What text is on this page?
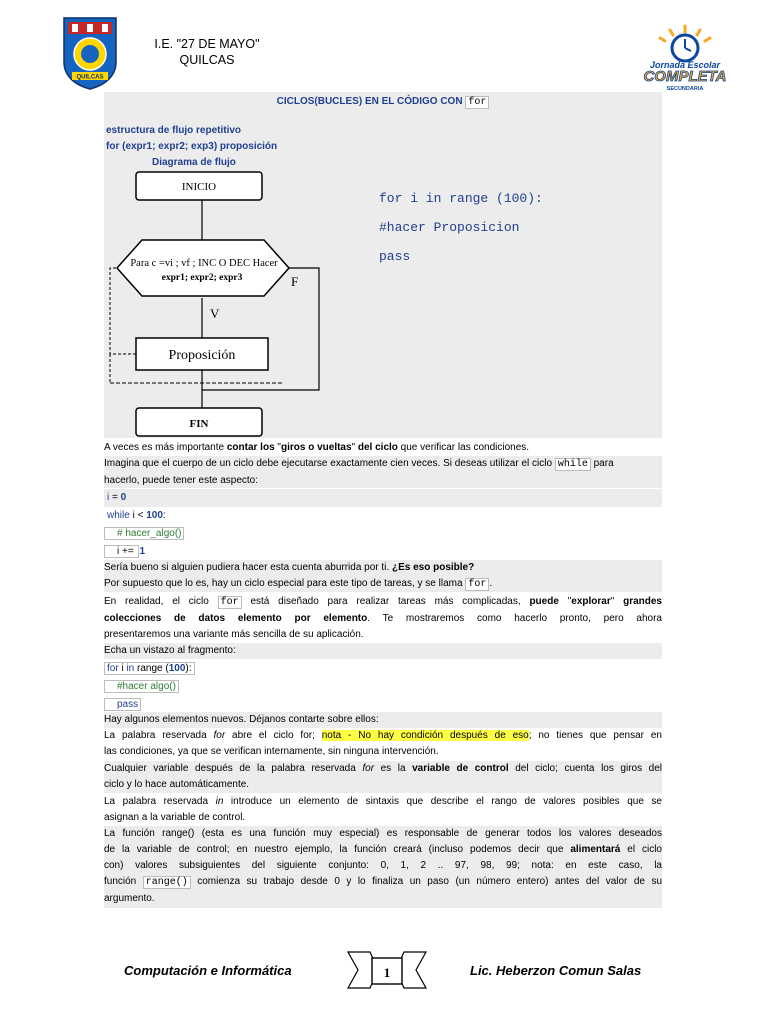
QUILCAS
I.E. "27 DE MAYO"
QUILCAS	Jornada Escolar
COMPLETA
SECUNDARIA
CICLOS(BUCLES) EN EL CÓDIGO CON for
estructura de flujo repetitivo
for (expr1; expr2; exp3) proposición
Diagrama de flujo
INICIO
Para c =vi ; vf ; INC O DEC Hacer
expr1; expr2; expr3	F
V
Proposición
FIN
for i in range (100):
#hacer Proposicion
pass
A veces es más importante contar los "giros o vueltas" del ciclo que verificar las condiciones.
Imagina que el cuerpo de un ciclo debe ejecutarse exactamente cien veces. Si deseas utilizar el ciclo while para
hacerlo, puede tener este aspecto:
i = 0
while i < 100:
# hacer_algo()
i += 1
Sería bueno si alguien pudiera hacer esta cuenta aburrida por ti. ¿Es eso posible?
Por supuesto que lo es, hay un ciclo especial para este tipo de tareas, y se llama for .
En realidad, el ciclo for está diseñado para realizar tareas más complicadas, puede "explorar" grandes
colecciones de datos elemento por elemento. Te mostraremos como hacerlo pronto, pero ahora
presentaremos una variante más sencilla de su aplicación.
Echa un vistazo al fragmento:
for i in range (100):
#hacer algo()
pass
Hay algunos elementos nuevos. Déjanos contarte sobre ellos:
La palabra reservada for abre el ciclo for; nota - No hay condición después de eso; no tienes que pensar en
las condiciones, ya que se verifican internamente, sin ninguna intervención.
Cualquier variable después de la palabra reservada for es la variable de control del ciclo; cuenta los giros del
ciclo y lo hace automáticamente.
La palabra reservada in introduce un elemento de sintaxis que describe el rango de valores posibles que se
asignan a la variable de control.
La función range() (esta es una función muy especial) es responsable de generar todos los valores deseados
de la variable de control; en nuestro ejemplo, la función creará (incluso podemos decir que alimentará el ciclo
con) valores subsiguientes del siguiente conjunto: 0, 1, 2 .. 97, 98, 99; nota: en este caso, la
función range() comienza su trabajo desde 0 y lo finaliza un paso (un número entero) antes del valor de su
argumento.
Computación e Informática	1	Lic. Heberzon Comun Salas
